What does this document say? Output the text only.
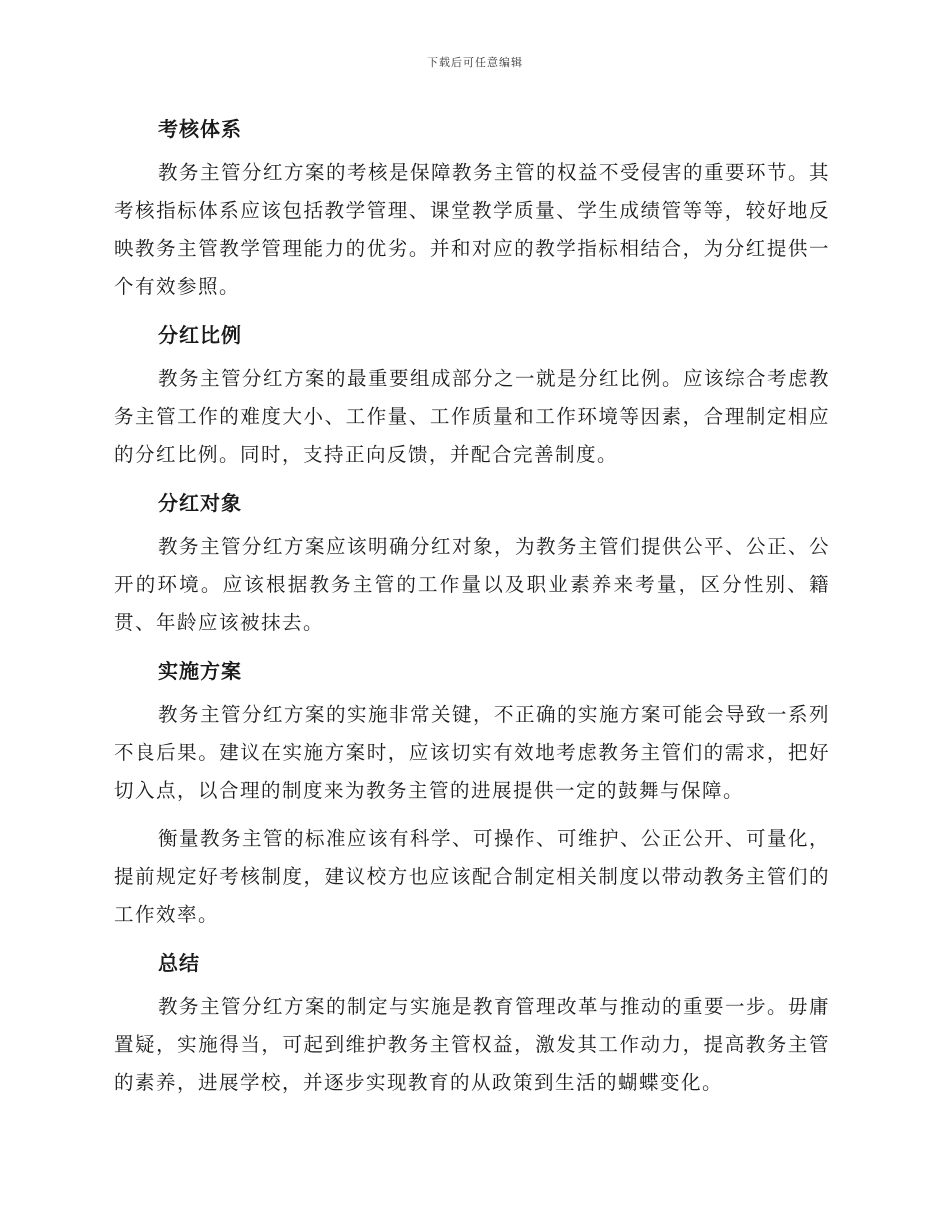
下载后可任意编辑
考核体系

教务主管分红方案的考核是保障教务主管的权益不受侵害的重要环节。其考核指标体系应该包括教学管理、课堂教学质量、学生成绩管等等，较好地反映教务主管教学管理能力的优劣。并和对应的教学指标相结合，为分红提供一个有效参照。

分红比例

教务主管分红方案的最重要组成部分之一就是分红比例。应该综合考虑教务主管工作的难度大小、工作量、工作质量和工作环境等因素，合理制定相应的分红比例。同时，支持正向反馈，并配合完善制度。

分红对象

教务主管分红方案应该明确分红对象，为教务主管们提供公平、公正、公开的环境。应该根据教务主管的工作量以及职业素养来考量，区分性别、籍贯、年龄应该被抹去。

实施方案

教务主管分红方案的实施非常关键，不正确的实施方案可能会导致一系列不良后果。建议在实施方案时，应该切实有效地考虑教务主管们的需求，把好切入点，以合理的制度来为教务主管的进展提供一定的鼓舞与保障。

衡量教务主管的标准应该有科学、可操作、可维护、公正公开、可量化，提前规定好考核制度，建议校方也应该配合制定相关制度以带动教务主管们的工作效率。

总结

教务主管分红方案的制定与实施是教育管理改革与推动的重要一步。毋庸置疑，实施得当，可起到维护教务主管权益，激发其工作动力，提高教务主管的素养，进展学校，并逐步实现教育的从政策到生活的蝴蝶变化。
